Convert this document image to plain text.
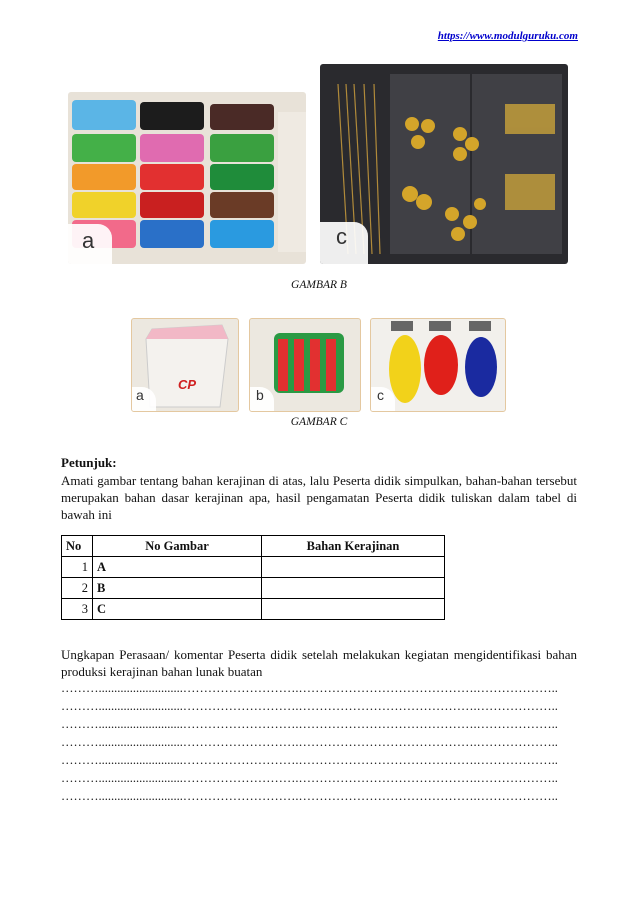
https://www.modulguruku.com
a	c
GAMBAR B
CP
a	b	c
GAMBAR C
Petunjuk:
Amati gambar tentang bahan kerajinan di atas, lalu Peserta didik simpulkan, bahan-bahan tersebut merupakan bahan dasar kerajinan apa, hasil pengamatan Peserta didik tuliskan dalam tabel di bawah ini
No	No Gambar	Bahan Kerajinan
1	A	
2	B	
3	C	
Ungkapan Perasaan/ komentar Peserta didik setelah melakukan kegiatan mengidentifikasi bahan produksi kerajinan bahan lunak buatan
………...........................……………………….…………………………………….………………..
………...........................……………………….…………………………………….………………..
………...........................……………………….…………………………………….………………..
………...........................……………………….…………………………………….………………..
………...........................……………………….…………………………………….………………..
………...........................……………………….…………………………………….………………..
………...........................……………………….…………………………………….………………..
